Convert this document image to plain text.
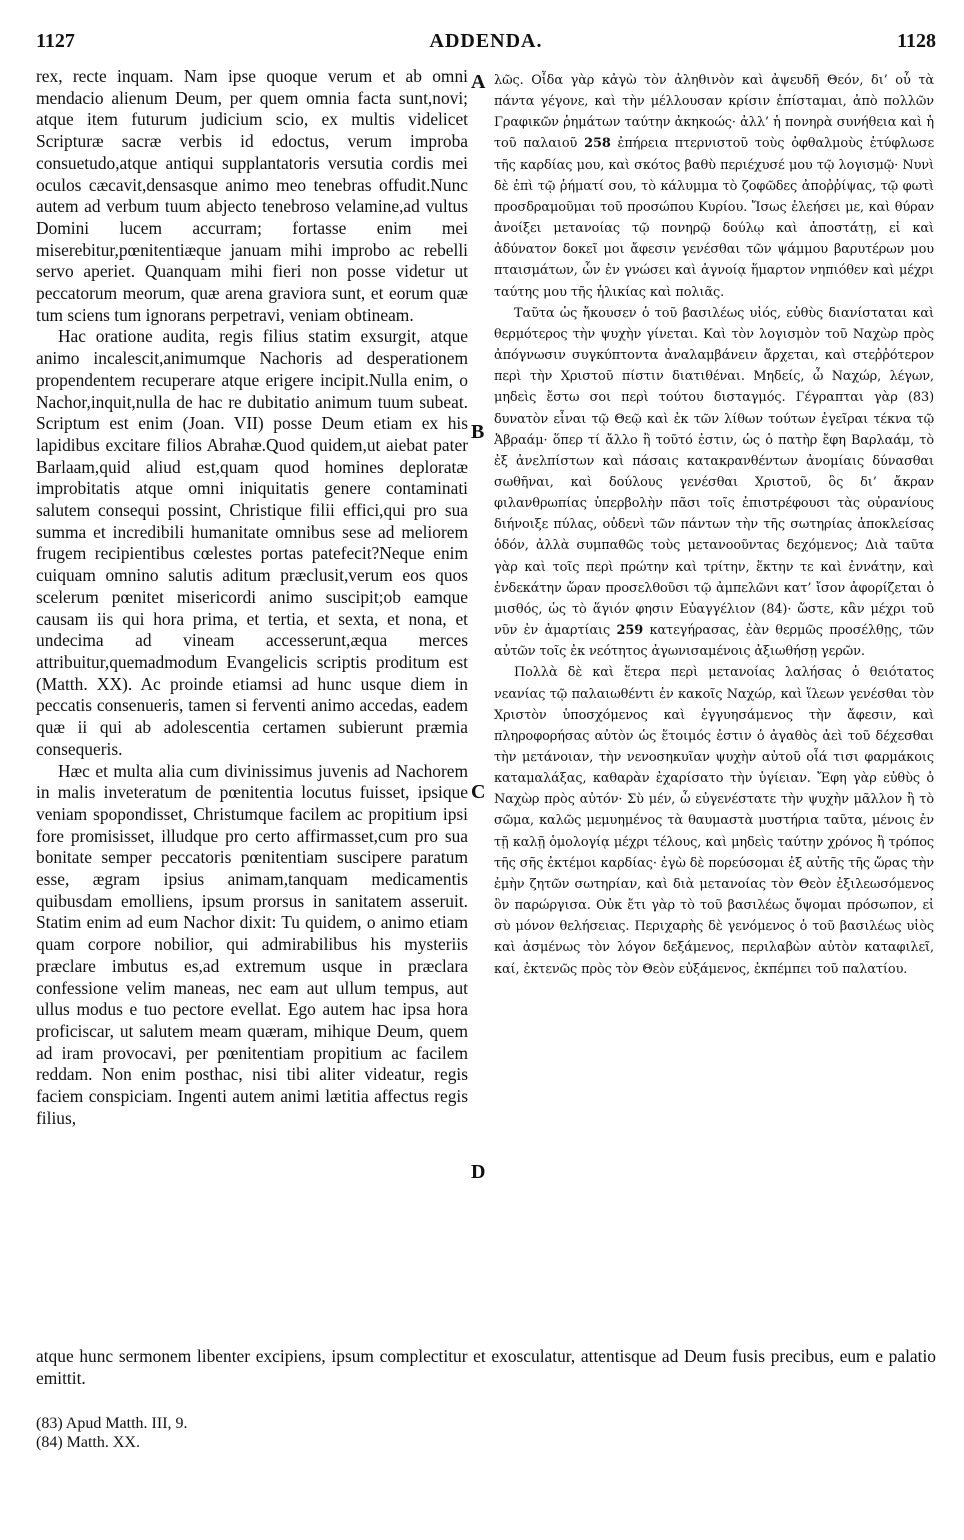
1127	ADDENDA.	1128

rex, recte inquam. Nam ipse quoque verum et ab omni mendacio alienum Deum, per quem omnia facta sunt,novi; atque item futurum judicium scio, ex multis videlicet Scripturæ sacræ verbis id edoctus, verum improba consuetudo,atque antiqui supplantatoris versutia cordis mei oculos cæcavit,densasque animo meo tenebras offudit.Nunc autem ad verbum tuum abjecto tenebroso velamine,ad vultus Domini lucem accurram; fortasse enim mei miserebitur,pœnitentiæque januam mihi improbo ac rebelli servo aperiet. Quanquam mihi fieri non posse videtur ut peccatorum meorum, quæ arena graviora sunt, et eorum quæ tum sciens tum ignorans perpetravi, veniam obtineam.

Hac oratione audita, regis filius statim exsurgit, atque animo incalescit,animumque Nachoris ad desperationem propendentem recuperare atque erigere incipit.Nulla enim, o Nachor,inquit,nulla de hac re dubitatio animum tuum subeat. Scriptum est enim (Joan. VII) posse Deum etiam ex his lapidibus excitare filios Abrahæ.Quod quidem,ut aiebat pater Barlaam,quid aliud est,quam quod homines deploratæ improbitatis atque omni iniquitatis genere contaminati salutem consequi possint, Christique filii effici,qui pro sua summa et incredibili humanitate omnibus sese ad meliorem frugem recipientibus cœlestes portas patefecit?Neque enim cuiquam omnino salutis aditum præclusit,verum eos quos scelerum pœnitet misericordi animo suscipit;ob eamque causam iis qui hora prima, et tertia, et sexta, et nona, et undecima ad vineam accesserunt,æqua merces attribuitur,quemadmodum Evangelicis scriptis proditum est (Matth. XX). Ac proinde etiamsi ad hunc usque diem in peccatis consenueris, tamen si ferventi animo accedas, eadem quæ ii qui ab adolescentia certamen subierunt præmia consequeris.

Hæc et multa alia cum divinissimus juvenis ad Nachorem in malis inveteratum de pœnitentia locutus fuisset, ipsique veniam spopondisset, Christumque facilem ac propitium ipsi fore promisisset, illudque pro certo affirmasset,cum pro sua bonitate semper peccatoris pœnitentiam suscipere paratum esse, ægram ipsius animam,tanquam medicamentis quibusdam emolliens, ipsum prorsus in sanitatem asseruit. Statim enim ad eum Nachor dixit: Tu quidem, o animo etiam quam corpore nobilior, qui admirabilibus his mysteriis præclare imbutus es,ad extremum usque in præclara confessione velim maneas, nec eam aut ullum tempus, aut ullus modus e tuo pectore evellat. Ego autem hac ipsa hora proficiscar, ut salutem meam quæram, mihique Deum, quem ad iram provocavi, per pœnitentiam propitium ac facilem reddam. Non enim posthac, nisi tibi aliter videatur, regis faciem conspiciam. Ingenti autem animi lætitia affectus regis filius,

A
B
C
D

λῶς. Οἶδα γὰρ κἀγὼ τὸν ἀληθινὸν καὶ ἀψευδῆ Θεόν, δι’ οὗ τὰ πάντα γέγονε, καὶ τὴν μέλλουσαν κρίσιν ἐπίσταμαι, ἀπὸ πολλῶν Γραφικῶν ῥημάτων ταύτην ἀκηκοώς· ἀλλ’ ἡ πονηρὰ συνήθεια καὶ ἡ τοῦ παλαιοῦ 258 ἐπήρεια πτερνιστοῦ τοὺς ὀφθαλμοὺς ἐτύφλωσε τῆς καρδίας μου, καὶ σκότος βαθὺ περιέχυσέ μου τῷ λογισμῷ· Νυνὶ δὲ ἐπὶ τῷ ῥήματί σου, τὸ κάλυμμα τὸ ζοφῶδες ἀποῤῥίψας, τῷ φωτὶ προσδραμοῦμαι τοῦ προσώπου Κυρίου. Ἴσως ἐλεήσει με, καὶ θύραν ἀνοίξει μετανοίας τῷ πονηρῷ δούλῳ καὶ ἀποστάτῃ, εἰ καὶ ἀδύνατον δοκεῖ μοι ἄφεσιν γενέσθαι τῶν ψάμμου βαρυτέρων μου πταισμάτων, ὧν ἐν γνώσει καὶ ἀγνοίᾳ ἥμαρτον νηπιόθεν καὶ μέχρι ταύτης μου τῆς ἡλικίας καὶ πολιᾶς.

Ταῦτα ὡς ἤκουσεν ὁ τοῦ βασιλέως υἱός, εὐθὺς διανίσταται καὶ θερμότερος τὴν ψυχὴν γίνεται. Καὶ τὸν λογισμὸν τοῦ Ναχὼρ πρὸς ἀπόγνωσιν συγκύπτοντα ἀναλαμβάνειν ἄρχεται, καὶ στεῤῥότερον περὶ τὴν Χριστοῦ πίστιν διατιθέναι. Μηδείς, ὦ Ναχώρ, λέγων, μηδεὶς ἔστω σοι περὶ τούτου δισταγμός. Γέγραπται γὰρ (83) δυνατὸν εἶναι τῷ Θεῷ καὶ ἐκ τῶν λίθων τούτων ἐγεῖραι τέκνα τῷ Ἀβραάμ· ὅπερ τί ἄλλο ἢ τοῦτό ἐστιν, ὡς ὁ πατὴρ ἔφη Βαρλαάμ, τὸ ἐξ ἀνελπίστων καὶ πάσαις κατακρανθέντων ἀνομίαις δύνασθαι σωθῆναι, καὶ δούλους γενέσθαι Χριστοῦ, ὃς δι’ ἄκραν φιλανθρωπίας ὑπερβολὴν πᾶσι τοῖς ἐπιστρέφουσι τὰς οὐρανίους διήνοιξε πύλας, οὐδενὶ τῶν πάντων τὴν τῆς σωτηρίας ἀποκλείσας ὁδόν, ἀλλὰ συμπαθῶς τοὺς μετανοοῦντας δεχόμενος; Διὰ ταῦτα γὰρ καὶ τοῖς περὶ πρώτην καὶ τρίτην, ἕκτην τε καὶ ἐννάτην, καὶ ἑνδεκάτην ὥραν προσελθοῦσι τῷ ἀμπελῶνι κατ’ ἴσον ἀφορίζεται ὁ μισθός, ὡς τὸ ἅγιόν φησιν Εὐαγγέλιον (84)· ὥστε, κἂν μέχρι τοῦ νῦν ἐν ἁμαρτίαις 259 κατεγήρασας, ἐὰν θερμῶς προσέλθῃς, τῶν αὐτῶν τοῖς ἐκ νεότητος ἀγωνισαμένοις ἀξιωθήσῃ γερῶν.

Πολλὰ δὲ καὶ ἕτερα περὶ μετανοίας λαλήσας ὁ θειότατος νεανίας τῷ παλαιωθέντι ἐν κακοῖς Ναχώρ, καὶ ἵλεων γενέσθαι τὸν Χριστὸν ὑποσχόμενος καὶ ἐγγυησάμενος τὴν ἄφεσιν, καὶ πληροφορήσας αὐτὸν ὡς ἕτοιμός ἐστιν ὁ ἀγαθὸς ἀεὶ τοῦ δέχεσθαι τὴν μετάνοιαν, τὴν νενοσηκυῖαν ψυχὴν αὐτοῦ οἷά τισι φαρμάκοις καταμαλάξας, καθαρὰν ἐχαρίσατο τὴν ὑγίειαν. Ἔφη γὰρ εὐθὺς ὁ Ναχὼρ πρὸς αὐτόν· Σὺ μέν, ὦ εὐγενέστατε τὴν ψυχὴν μᾶλλον ἢ τὸ σῶμα, καλῶς μεμυημένος τὰ θαυμαστὰ μυστήρια ταῦτα, μένοις ἐν τῇ καλῇ ὁμολογίᾳ μέχρι τέλους, καὶ μηδεὶς ταύτην χρόνος ἢ τρόπος τῆς σῆς ἐκτέμοι καρδίας· ἐγὼ δὲ πορεύσομαι ἐξ αὐτῆς τῆς ὥρας τὴν ἐμὴν ζητῶν σωτηρίαν, καὶ διὰ μετανοίας τὸν Θεὸν ἐξιλεωσόμενος ὃν παρώργισα. Οὐκ ἔτι γὰρ τὸ τοῦ βασιλέως ὄψομαι πρόσωπον, εἰ σὺ μόνον θελήσειας. Περιχαρὴς δὲ γενόμενος ὁ τοῦ βασιλέως υἱὸς καὶ ἀσμένως τὸν λόγον δεξάμενος, περιλαβὼν αὐτὸν καταφιλεῖ, καί, ἐκτενῶς πρὸς τὸν Θεὸν εὐξάμενος, ἐκπέμπει τοῦ παλατίου.

atque hunc sermonem libenter excipiens, ipsum complectitur et exosculatur, attentisque ad Deum fusis precibus, eum e palatio emittit.

(83) Apud Matth. III, 9.
(84) Matth. XX.
